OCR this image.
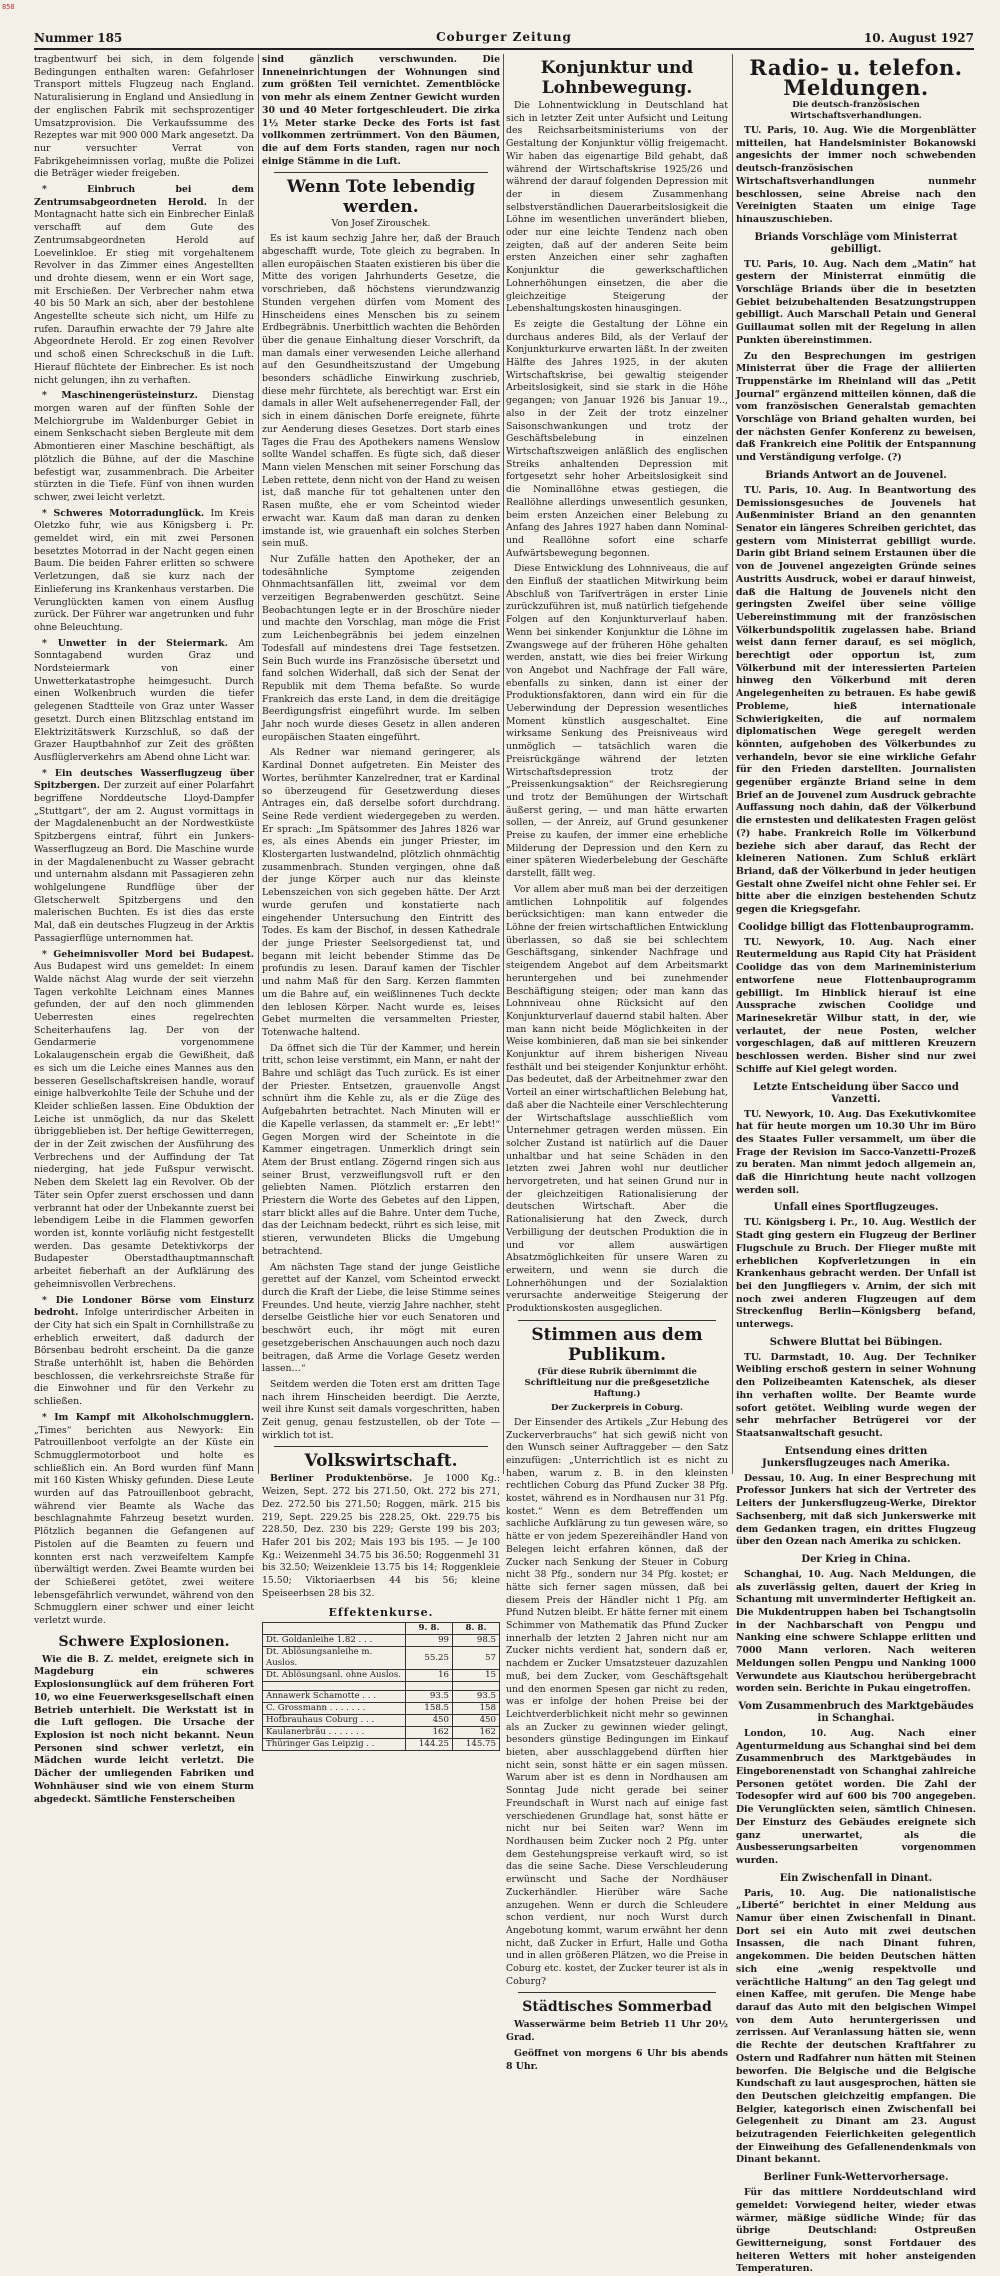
858
Nummer 185	Coburger Zeitung	10. August 1927

tragbentwurf bei sich, in dem folgende Bedingungen enthalten waren: Gefahrloser Transport mittels Flugzeug nach England. Naturalisierung in England und Ansiedlung in der englischen Fabrik mit sechsprozentiger Umsatzprovision. Die Verkaufssumme des Rezeptes war mit 900 000 Mark angesetzt. Da nur versuchter Verrat von Fabrikgeheimnissen vorlag, mußte die Polizei die Beträger wieder freigeben.

* Einbruch bei dem Zentrumsabgeordneten Herold. In der Montagnacht hatte sich ein Einbrecher Einlaß verschafft auf dem Gute des Zentrumsabgeordneten Herold auf Loevelinkloe. Er stieg mit vorgehaltenem Revolver in das Zimmer eines Angestellten und drohte diesem, wenn er ein Wort sage, mit Erschießen. Der Verbrecher nahm etwa 40 bis 50 Mark an sich, aber der bestohlene Angestellte scheute sich nicht, um Hilfe zu rufen. Daraufhin erwachte der 79 Jahre alte Abgeordnete Herold. Er zog einen Revolver und schoß einen Schreckschuß in die Luft. Hierauf flüchtete der Einbrecher. Es ist noch nicht gelungen, ihn zu verhaften.

* Maschinengerüsteinsturz. Dienstag morgen waren auf der fünften Sohle der Melchiorgrube im Waldenburger Gebiet in einem Senkschacht sieben Bergleute mit dem Abmontieren einer Maschine beschäftigt, als plötzlich die Bühne, auf der die Maschine befestigt war, zusammenbrach. Die Arbeiter stürzten in die Tiefe. Fünf von ihnen wurden schwer, zwei leicht verletzt.

* Schweres Motorradunglück. Im Kreis Oletzko fuhr, wie aus Königsberg i. Pr. gemeldet wird, ein mit zwei Personen besetztes Motorrad in der Nacht gegen einen Baum. Die beiden Fahrer erlitten so schwere Verletzungen, daß sie kurz nach der Einlieferung ins Krankenhaus verstarben. Die Verunglückten kamen von einem Ausflug zurück. Der Führer war angetrunken und fuhr ohne Beleuchtung.

* Unwetter in der Steiermark. Am Sonntagabend wurden Graz und Nordsteiermark von einer Unwetterkatastrophe heimgesucht. Durch einen Wolkenbruch wurden die tiefer gelegenen Stadtteile von Graz unter Wasser gesetzt. Durch einen Blitzschlag entstand im Elektrizitätswerk Kurzschluß, so daß der Grazer Hauptbahnhof zur Zeit des größten Ausflüglerverkehrs am Abend ohne Licht war.

* Ein deutsches Wasserflugzeug über Spitzbergen. Der zurzeit auf einer Polarfahrt begriffene Norddeutsche Lloyd-Dampfer „Stuttgart“, der am 2. August vormittags in der Magdalenenbucht an der Nordwestküste Spitzbergens eintraf, führt ein Junkers-Wasserflugzeug an Bord. Die Maschine wurde in der Magdalenenbucht zu Wasser gebracht und unternahm alsdann mit Passagieren zehn wohlgelungene Rundflüge über der Gletscherwelt Spitzbergens und den malerischen Buchten. Es ist dies das erste Mal, daß ein deutsches Flugzeug in der Arktis Passagierflüge unternommen hat.

* Geheimnisvoller Mord bei Budapest. Aus Budapest wird uns gemeldet: In einem Walde nächst Alag wurde der seit vierzehn Tagen verkohlte Leichnam eines Mannes gefunden, der auf den noch glimmenden Ueberresten eines regelrechten Scheiterhaufens lag. Der von der Gendarmerie vorgenommene Lokalaugenschein ergab die Gewißheit, daß es sich um die Leiche eines Mannes aus den besseren Gesellschaftskreisen handle, worauf einige halbverkohlte Teile der Schuhe und der Kleider schließen lassen. Eine Obduktion der Leiche ist unmöglich, da nur das Skelett übriggeblieben ist. Der heftige Gewitterregen, der in der Zeit zwischen der Ausführung des Verbrechens und der Auffindung der Tat niederging, hat jede Fußspur verwischt. Neben dem Skelett lag ein Revolver. Ob der Täter sein Opfer zuerst erschossen und dann verbrannt hat oder der Unbekannte zuerst bei lebendigem Leibe in die Flammen geworfen worden ist, konnte vorläufig nicht festgestellt werden. Das gesamte Detektivkorps der Budapester Oberstadthauptmannschaft arbeitet fieberhaft an der Aufklärung des geheimnisvollen Verbrechens.

* Die Londoner Börse vom Einsturz bedroht. Infolge unterirdischer Arbeiten in der City hat sich ein Spalt in Cornhillstraße zu erheblich erweitert, daß dadurch der Börsenbau bedroht erscheint. Da die ganze Straße unterhöhlt ist, haben die Behörden beschlossen, die verkehrsreichste Straße für die Einwohner und für den Verkehr zu schließen.

* Im Kampf mit Alkoholschmugglern. „Times“ berichten aus Newyork: Ein Patrouillenboot verfolgte an der Küste ein Schmugglermotorboot und holte es schließlich ein. An Bord wurden fünf Mann mit 160 Kisten Whisky gefunden. Diese Leute wurden auf das Patrouillenboot gebracht, während vier Beamte als Wache das beschlagnahmte Fahrzeug besetzt wurden. Plötzlich begannen die Gefangenen auf Pistolen auf die Beamten zu feuern und konnten erst nach verzweifeltem Kampfe überwältigt werden. Zwei Beamte wurden bei der Schießerei getötet, zwei weitere lebensgefährlich verwundet, während von den Schmugglern einer schwer und einer leicht verletzt wurde.

Schwere Explosionen.

Wie die B. Z. meldet, ereignete sich in Magdeburg ein schweres Explosionsunglück auf dem früheren Fort 10, wo eine Feuerwerksgesellschaft einen Betrieb unterhielt. Die Werkstatt ist in die Luft geflogen. Die Ursache der Explosion ist noch nicht bekannt. Neun Personen sind schwer verletzt, ein Mädchen wurde leicht verletzt. Die Dächer der umliegenden Fabriken und Wohnhäuser sind wie von einem Sturm abgedeckt. Sämtliche Fensterscheiben

sind gänzlich verschwunden. Die Inneneinrichtungen der Wohnungen sind zum größten Teil vernichtet. Zementblöcke von mehr als einem Zentner Gewicht wurden 30 und 40 Meter fortgeschleudert. Die zirka 1½ Meter starke Decke des Forts ist fast vollkommen zertrümmert. Von den Bäumen, die auf dem Forts standen, ragen nur noch einige Stämme in die Luft.

Wenn Tote lebendig werden.
Von Josef Zirouschek.

Es ist kaum sechzig Jahre her, daß der Brauch abgeschafft wurde, Tote gleich zu begraben. In allen europäischen Staaten existieren bis über die Mitte des vorigen Jahrhunderts Gesetze, die vorschrieben, daß höchstens vierundzwanzig Stunden vergehen dürfen vom Moment des Hinscheidens eines Menschen bis zu seinem Erdbegräbnis. Unerbittlich wachten die Behörden über die genaue Einhaltung dieser Vorschrift, da man damals einer verwesenden Leiche allerhand auf den Gesundheitszustand der Umgebung besonders schädliche Einwirkung zuschrieb, diese mehr fürchtete, als berechtigt war. Erst ein damals in aller Welt aufsehenerregender Fall, der sich in einem dänischen Dorfe ereignete, führte zur Aenderung dieses Gesetzes. Dort starb eines Tages die Frau des Apothekers namens Wenslow sollte Wandel schaffen. Es fügte sich, daß dieser Mann vielen Menschen mit seiner Forschung das Leben rettete, denn nicht von der Hand zu weisen ist, daß manche für tot gehaltenen unter den Rasen mußte, ehe er vom Scheintod wieder erwacht war. Kaum daß man daran zu denken imstande ist, wie grauenhaft ein solches Sterben sein muß.

Nur Zufälle hatten den Apotheker, der an todesähnliche Symptome zeigenden Ohnmachtsanfällen litt, zweimal vor dem verzeitigen Begrabenwerden geschützt. Seine Beobachtungen legte er in der Broschüre nieder und machte den Vorschlag, man möge die Frist zum Leichenbegräbnis bei jedem einzelnen Todesfall auf mindestens drei Tage festsetzen. Sein Buch wurde ins Französische übersetzt und fand solchen Widerhall, daß sich der Senat der Republik mit dem Thema befaßte. So wurde Frankreich das erste Land, in dem die dreitägige Beerdigungsfrist eingeführt wurde. Im selben Jahr noch wurde dieses Gesetz in allen anderen europäischen Staaten eingeführt.

Als Redner war niemand geringerer, als Kardinal Donnet aufgetreten. Ein Meister des Wortes, berühmter Kanzelredner, trat er Kardinal so überzeugend für Gesetzwerdung dieses Antrages ein, daß derselbe sofort durchdrang. Seine Rede verdient wiedergegeben zu werden. Er sprach: „Im Spätsommer des Jahres 1826 war es, als eines Abends ein junger Priester, im Klostergarten lustwandelnd, plötzlich ohnmächtig zusammenbrach. Stunden vergingen, ohne daß der junge Körper auch nur das kleinste Lebenszeichen von sich gegeben hätte. Der Arzt wurde gerufen und konstatierte nach eingehender Untersuchung den Eintritt des Todes. Es kam der Bischof, in dessen Kathedrale der junge Priester Seelsorgedienst tat, und begann mit leicht bebender Stimme das De profundis zu lesen. Darauf kamen der Tischler und nahm Maß für den Sarg. Kerzen flammten um die Bahre auf, ein weißlinnenes Tuch deckte den leblosen Körper. Nacht wurde es, leises Gebet murmelten die versammelten Priester, Totenwache haltend.

Da öffnet sich die Tür der Kammer, und herein tritt, schon leise verstimmt, ein Mann, er naht der Bahre und schlägt das Tuch zurück. Es ist einer der Priester. Entsetzen, grauenvolle Angst schnürt ihm die Kehle zu, als er die Züge des Aufgebahrten betrachtet. Nach Minuten will er die Kapelle verlassen, da stammelt er: „Er lebt!“ Gegen Morgen wird der Scheintote in die Kammer eingetragen. Unmerklich dringt sein Atem der Brust entlang. Zögernd ringen sich aus seiner Brust, verzweiflungsvoll ruft er den geliebten Namen. Plötzlich erstarren den Priestern die Worte des Gebetes auf den Lippen, starr blickt alles auf die Bahre. Unter dem Tuche, das der Leichnam bedeckt, rührt es sich leise, mit stieren, verwundeten Blicks die Umgebung betrachtend.

Am nächsten Tage stand der junge Geistliche gerettet auf der Kanzel, vom Scheintod erweckt durch die Kraft der Liebe, die leise Stimme seines Freundes. Und heute, vierzig Jahre nachher, steht derselbe Geistliche hier vor euch Senatoren und beschwört euch, ihr mögt mit euren gesetzgeberischen Anschauungen auch noch dazu beitragen, daß Arme die Vorlage Gesetz werden lassen…“

Seitdem werden die Toten erst am dritten Tage nach ihrem Hinscheiden beerdigt. Die Aerzte, weil ihre Kunst seit damals vorgeschritten, haben Zeit genug, genau festzustellen, ob der Tote — wirklich tot ist.

Volkswirtschaft.

Berliner Produktenbörse. Je 1000 Kg.: Weizen, Sept. 272 bis 271.50, Okt. 272 bis 271, Dez. 272.50 bis 271.50; Roggen, märk. 215 bis 219, Sept. 229.25 bis 228.25, Okt. 229.75 bis 228.50, Dez. 230 bis 229; Gerste 199 bis 203; Hafer 201 bis 202; Mais 193 bis 195. — Je 100 Kg.: Weizenmehl 34.75 bis 36.50; Roggenmehl 31 bis 32.50; Weizenkleie 13.75 bis 14; Roggenkleie 15.50; Viktoriaerbsen 44 bis 56; kleine Speiseerbsen 28 bis 32.

Effektenkurse.
	9. 8.	8. 8.
Dt. Goldanleihe 1.82 . . .	99	98.5
Dt. Ablösungsanleihe m. Auslos.	55.25	57
Dt. Ablösungsanl. ohne Auslos.	16	15

Annawerk Schamotte . . .	93.5	93.5
C. Grossmann . . . . . . .	158.5	158
Hofbrauhaus Coburg . . .	450	450
Kaulanerbräu . . . . . . .	162	162
Thüringer Gas Leipzig . .	144.25	145.75
Konjunktur und Lohnbewegung.

Die Lohnentwicklung in Deutschland hat sich in letzter Zeit unter Aufsicht und Leitung des Reichsarbeitsministeriums von der Gestaltung der Konjunktur völlig freigemacht. Wir haben das eigenartige Bild gehabt, daß während der Wirtschaftskrise 1925/26 und während der darauf folgenden Depression mit der in diesem Zusammenhang selbstverständlichen Dauerarbeitslosigkeit die Löhne im wesentlichen unverändert blieben, oder nur eine leichte Tendenz nach oben zeigten, daß auf der anderen Seite beim ersten Anzeichen einer sehr zaghaften Konjunktur die gewerkschaftlichen Lohnerhöhungen einsetzen, die aber die gleichzeitige Steigerung der Lebenshaltungskosten hinausgingen.

Es zeigte die Gestaltung der Löhne ein durchaus anderes Bild, als der Verlauf der Konjunkturkurve erwarten läßt. In der zweiten Hälfte des Jahres 1925, in der akuten Wirtschaftskrise, bei gewaltig steigender Arbeitslosigkeit, sind sie stark in die Höhe gegangen; von Januar 1926 bis Januar 19.., also in der Zeit der trotz einzelner Saisonschwankungen und trotz der Geschäftsbelebung in einzelnen Wirtschaftszweigen anläßlich des englischen Streiks anhaltenden Depression mit fortgesetzt sehr hoher Arbeitslosigkeit sind die Nominallöhne etwas gestiegen, die Reallöhne allerdings unwesentlich gesunken, beim ersten Anzeichen einer Belebung zu Anfang des Jahres 1927 haben dann Nominal- und Reallöhne sofort eine scharfe Aufwärtsbewegung begonnen.

Diese Entwicklung des Lohnniveaus, die auf den Einfluß der staatlichen Mitwirkung beim Abschluß von Tarifverträgen in erster Linie zurückzuführen ist, muß natürlich tiefgehende Folgen auf den Konjunkturverlauf haben. Wenn bei sinkender Konjunktur die Löhne im Zwangswege auf der früheren Höhe gehalten werden, anstatt, wie dies bei freier Wirkung von Angebot und Nachfrage der Fall wäre, ebenfalls zu sinken, dann ist einer der Produktionsfaktoren, dann wird ein für die Ueberwindung der Depression wesentliches Moment künstlich ausgeschaltet. Eine wirksame Senkung des Preisniveaus wird unmöglich — tatsächlich waren die Preisrückgänge während der letzten Wirtschaftsdepression trotz der „Preissenkungsaktion“ der Reichsregierung und trotz der Bemühungen der Wirtschaft äußerst gering, — und man hätte erwarten sollen, — der Anreiz, auf Grund gesunkener Preise zu kaufen, der immer eine erhebliche Milderung der Depression und den Kern zu einer späteren Wiederbelebung der Geschäfte darstellt, fällt weg.

Vor allem aber muß man bei der derzeitigen amtlichen Lohnpolitik auf folgendes berücksichtigen: man kann entweder die Löhne der freien wirtschaftlichen Entwicklung überlassen, so daß sie bei schlechtem Geschäftsgang, sinkender Nachfrage und steigendem Angebot auf dem Arbeitsmarkt heruntergehen und bei zunehmender Beschäftigung steigen; oder man kann das Lohnniveau ohne Rücksicht auf den Konjunkturverlauf dauernd stabil halten. Aber man kann nicht beide Möglichkeiten in der Weise kombinieren, daß man sie bei sinkender Konjunktur auf ihrem bisherigen Niveau festhält und bei steigender Konjunktur erhöht. Das bedeutet, daß der Arbeitnehmer zwar den Vorteil an einer wirtschaftlichen Belebung hat, daß aber die Nachteile einer Verschlechterung der Wirtschaftslage ausschließlich vom Unternehmer getragen werden müssen. Ein solcher Zustand ist natürlich auf die Dauer unhaltbar und hat seine Schäden in den letzten zwei Jahren wohl nur deutlicher hervorgetreten, und hat seinen Grund nur in der gleichzeitigen Rationalisierung der deutschen Wirtschaft. Aber die Rationalisierung hat den Zweck, durch Verbilligung der deutschen Produktion die in und vor allem auswärtigen Absatzmöglichkeiten für unsere Waren zu erweitern, und wenn sie durch die Lohnerhöhungen und der Sozialaktion verursachte anderweitige Steigerung der Produktionskosten ausgeglichen.

Stimmen aus dem Publikum.
(Für diese Rubrik übernimmt die Schriftleitung nur die preßgesetzliche Haftung.)
Der Zuckerpreis in Coburg.

Der Einsender des Artikels „Zur Hebung des Zuckerverbrauchs“ hat sich gewiß nicht von den Wunsch seiner Auftraggeber — den Satz einzufügen: „Unterrichtlich ist es nicht zu haben, warum z. B. in den kleinsten rechtlichen Coburg das Pfund Zucker 38 Pfg. kostet, während es in Nordhausen nur 31 Pfg. kostet.“ Wenn es dem Betreffenden um sachliche Aufklärung zu tun gewesen wäre, so hätte er von jedem Spezereihändler Hand von Belegen leicht erfahren können, daß der Zucker nach Senkung der Steuer in Coburg nicht 38 Pfg., sondern nur 34 Pfg. kostet; er hätte sich ferner sagen müssen, daß bei diesem Preis der Händler nicht 1 Pfg. am Pfund Nutzen bleibt. Er hätte ferner mit einem Schimmer von Mathematik das Pfund Zucker innerhalb der letzten 2 Jahren nicht nur am Zucker nichts verdient hat, sondern daß er, nachdem er Zucker Umsatzsteuer dazuzahlen muß, bei dem Zucker, vom Geschäftsgehalt und den enormen Spesen gar nicht zu reden, was er infolge der hohen Preise bei der Leichtverderblichkeit nicht mehr so gewinnen als an Zucker zu gewinnen wieder gelingt, besonders günstige Bedingungen im Einkauf bieten, aber ausschlaggebend dürften hier nicht sein, sonst hätte er ein sagen müssen. Warum aber ist es denn in Nordhausen am Sonntag Jude nicht gerade bei seiner Freundschaft in Wurst nach auf einige fast verschiedenen Grundlage hat, sonst hätte er nicht nur bei Seiten war? Wenn im Nordhausen beim Zucker noch 2 Pfg. unter dem Gestehungspreise verkauft wird, so ist das die seine Sache. Diese Verschleuderung erwünscht und Sache der Nordhäuser Zuckerhändler. Hierüber wäre Sache anzugehen. Wenn er durch die Schleudere schon verdient, nur noch Wurst durch Angebotung kommt, warum erwähnt her denn nicht, daß Zucker in Erfurt, Halle und Gotha und in allen größeren Plätzen, wo die Preise in Coburg etc. kostet, der Zucker teurer ist als in Coburg?

Städtisches Sommerbad

Wasserwärme beim Betrieb 11 Uhr 20½ Grad.

Geöffnet von morgens 6 Uhr bis abends 8 Uhr.

Radio- u. telefon. Meldungen.
Die deutsch-französischen Wirtschaftsverhandlungen.

TU. Paris, 10. Aug. Wie die Morgenblätter mitteilen, hat Handelsminister Bokanowski angesichts der immer noch schwebenden deutsch-französischen Wirtschaftsverhandlungen nunmehr beschlossen, seine Abreise nach den Vereinigten Staaten um einige Tage hinauszuschieben.

Briands Vorschläge vom Ministerrat gebilligt.

TU. Paris, 10. Aug. Nach dem „Matin“ hat gestern der Ministerrat einmütig die Vorschläge Briands über die in besetzten Gebiet beizubehaltenden Besatzungstruppen gebilligt. Auch Marschall Petain und General Guillaumat sollen mit der Regelung in allen Punkten übereinstimmen.

Zu den Besprechungen im gestrigen Ministerrat über die Frage der alliierten Truppenstärke im Rheinland will das „Petit Journal“ ergänzend mitteilen können, daß die vom französischen Generalstab gemachten Vorschläge von Briand gehalten wurden, bei der nächsten Genfer Konferenz zu beweisen, daß Frankreich eine Politik der Entspannung und Verständigung verfolge. (?)

Briands Antwort an de Jouvenel.

TU. Paris, 10. Aug. In Beantwortung des Demissionsgesuches de Jouvenels hat Außenminister Briand an den genannten Senator ein längeres Schreiben gerichtet, das gestern vom Ministerrat gebilligt wurde. Darin gibt Briand seinem Erstaunen über die von de Jouvenel angezeigten Gründe seines Austritts Ausdruck, wobei er darauf hinweist, daß die Haltung de Jouvenels nicht den geringsten Zweifel über seine völlige Uebereinstimmung mit der französischen Völkerbundspolitik zugelassen habe. Briand weist dann ferner darauf, es sei möglich, berechtigt oder opportun ist, zum Völkerbund mit der interessierten Parteien hinweg den Völkerbund mit deren Angelegenheiten zu betrauen. Es habe gewiß Probleme, hieß internationale Schwierigkeiten, die auf normalem diplomatischen Wege geregelt werden könnten, aufgehoben des Völkerbundes zu verhandeln, bevor sie eine wirkliche Gefahr für den Frieden darstellten. Journalisten gegenüber ergänzte Briand seine in dem Brief an de Jouvenel zum Ausdruck gebrachte Auffassung noch dahin, daß der Völkerbund die ernstesten und delikatesten Fragen gelöst (?) habe. Frankreich Rolle im Völkerbund beziehe sich aber darauf, das Recht der kleineren Nationen. Zum Schluß erklärt Briand, daß der Völkerbund in jeder heutigen Gestalt ohne Zweifel nicht ohne Fehler sei. Er bitte aber die einzigen bestehenden Schutz gegen die Kriegsgefahr.

Coolidge billigt das Flottenbauprogramm.

TU. Newyork, 10. Aug. Nach einer Reutermeldung aus Rapid City hat Präsident Coolidge das von dem Marineministerium entworfene neue Flottenbauprogramm gebilligt. Im Hinblick hierauf ist eine Aussprache zwischen Coolidge und Marinesekretär Wilbur statt, in der, wie verlautet, der neue Posten, welcher vorgeschlagen, daß auf mittleren Kreuzern beschlossen werden. Bisher sind nur zwei Schiffe auf Kiel gelegt worden.

Letzte Entscheidung über Sacco und Vanzetti.

TU. Newyork, 10. Aug. Das Exekutivkomitee hat für heute morgen um 10.30 Uhr im Büro des Staates Fuller versammelt, um über die Frage der Revision im Sacco-Vanzetti-Prozeß zu beraten. Man nimmt jedoch allgemein an, daß die Hinrichtung heute nacht vollzogen werden soll.

Unfall eines Sportflugzeuges.

TU. Königsberg i. Pr., 10. Aug. Westlich der Stadt ging gestern ein Flugzeug der Berliner Flugschule zu Bruch. Der Flieger mußte mit erheblichen Kopfverletzungen in ein Krankenhaus gebracht werden. Der Unfall ist bei den Jungfliegers v. Arnim, der sich mit noch zwei anderen Flugzeugen auf dem Streckenflug Berlin—Königsberg befand, unterwegs.

Schwere Bluttat bei Bübingen.

TU. Darmstadt, 10. Aug. Der Techniker Weibling erschoß gestern in seiner Wohnung den Polizeibeamten Katenschek, als dieser ihn verhaften wollte. Der Beamte wurde sofort getötet. Weibling wurde wegen der sehr mehrfacher Betrügerei vor der Staatsanwaltschaft gesucht.

Entsendung eines dritten Junkersflugzeuges nach Amerika.

Dessau, 10. Aug. In einer Besprechung mit Professor Junkers hat sich der Vertreter des Leiters der Junkersflugzeug-Werke, Direktor Sachsenberg, mit daß sich Junkerswerke mit dem Gedanken tragen, ein drittes Flugzeug über den Ozean nach Amerika zu schicken.

Der Krieg in China.

Schanghai, 10. Aug. Nach Meldungen, die als zuverlässig gelten, dauert der Krieg in Schantung mit unverminderter Heftigkeit an. Die Mukdentruppen haben bei Tschangtsolin in der Nachbarschaft von Pengpu und Nanking eine schwere Schlappe erlitten und 7000 Mann verloren. Nach weiteren Meldungen sollen Pengpu und Nanking 1000 Verwundete aus Kiautschou herübergebracht worden sein. Berichte in Pukau eingetroffen.

Vom Zusammenbruch des Marktgebäudes in Schanghai.

London, 10. Aug. Nach einer Agenturmeldung aus Schanghai sind bei dem Zusammenbruch des Marktgebäudes in Eingeborenenstadt von Schanghai zahlreiche Personen getötet worden. Die Zahl der Todesopfer wird auf 600 bis 700 angegeben. Die Verunglückten seien, sämtlich Chinesen. Der Einsturz des Gebäudes ereignete sich ganz unerwartet, als die Ausbesserungsarbeiten vorgenommen wurden.

Ein Zwischenfall in Dinant.

Paris, 10. Aug. Die nationalistische „Liberté“ berichtet in einer Meldung aus Namur über einen Zwischenfall in Dinant. Dort sei ein Auto mit zwei deutschen Insassen, die nach Dinant fuhren, angekommen. Die beiden Deutschen hätten sich eine „wenig respektvolle und verächtliche Haltung“ an den Tag gelegt und einen Kaffee, mit gerufen. Die Menge habe darauf das Auto mit den belgischen Wimpel von dem Auto heruntergerissen und zerrissen. Auf Veranlassung hätten sie, wenn die Rechte der deutschen Kraftfahrer zu Ostern und Radfahrer nun hätten mit Steinen beworfen. Die Belgische und die Belgische Kundschaft zu laut ausgesprochen, hätten sie den Deutschen gleichzeitig empfangen. Die Belgier, kategorisch einen Zwischenfall bei Gelegenheit zu Dinant am 23. August beizutragenden Feierlichkeiten gelegentlich der Einweihung des Gefallenendenkmals von Dinant bekannt.

Berliner Funk-Wettervorhersage.

Für das mittlere Norddeutschland wird gemeldet: Vorwiegend heiter, wieder etwas wärmer, mäßige südliche Winde; für das übrige Deutschland: Ostpreußen Gewitterneigung, sonst Fortdauer des heiteren Wetters mit hoher ansteigenden Temperaturen.
